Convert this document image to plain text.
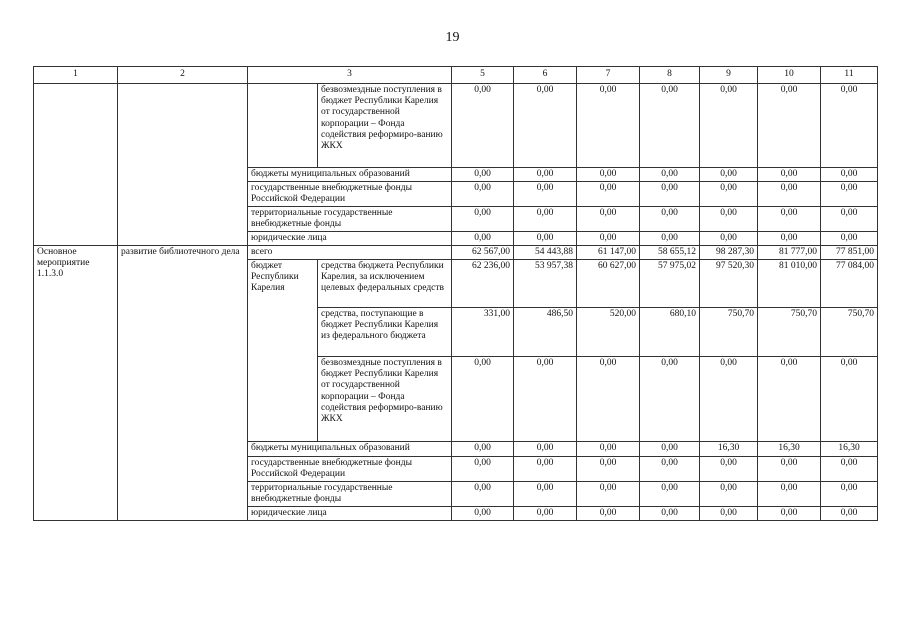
19
1	2	3		5	6	7	8	9	10	11
			безвозмездные поступления в бюджет Республики Карелия от государственной корпорации – Фонда содействия реформиро-ванию ЖКХ	0,00	0,00	0,00	0,00	0,00	0,00	0,00
		бюджеты муниципальных образований		0,00	0,00	0,00	0,00	0,00	0,00	0,00
		государственные внебюджетные фонды Российской Федерации		0,00	0,00	0,00	0,00	0,00	0,00	0,00
		территориальные государственные внебюджетные фонды		0,00	0,00	0,00	0,00	0,00	0,00	0,00
		юридические лица		0,00	0,00	0,00	0,00	0,00	0,00	0,00
Основное мероприятие 1.1.3.0	развитие библиотечного дела	всего		62 567,00	54 443,88	61 147,00	58 655,12	98 287,30	81 777,00	77 851,00
		бюджет Республики Карелия	средства бюджета Республики Карелия, за исключением целевых федеральных средств	62 236,00	53 957,38	60 627,00	57 975,02	97 520,30	81 010,00	77 084,00
			средства, поступающие в бюджет Республики Карелия из федерального бюджета	331,00	486,50	520,00	680,10	750,70	750,70	750,70
			безвозмездные поступления в бюджет Республики Карелия от государственной корпорации – Фонда содействия реформиро-ванию ЖКХ	0,00	0,00	0,00	0,00	0,00	0,00	0,00
		бюджеты муниципальных образований		0,00	0,00	0,00	0,00	16,30	16,30	16,30
		государственные внебюджетные фонды Российской Федерации		0,00	0,00	0,00	0,00	0,00	0,00	0,00
		территориальные государственные внебюджетные фонды		0,00	0,00	0,00	0,00	0,00	0,00	0,00
		юридические лица		0,00	0,00	0,00	0,00	0,00	0,00	0,00
